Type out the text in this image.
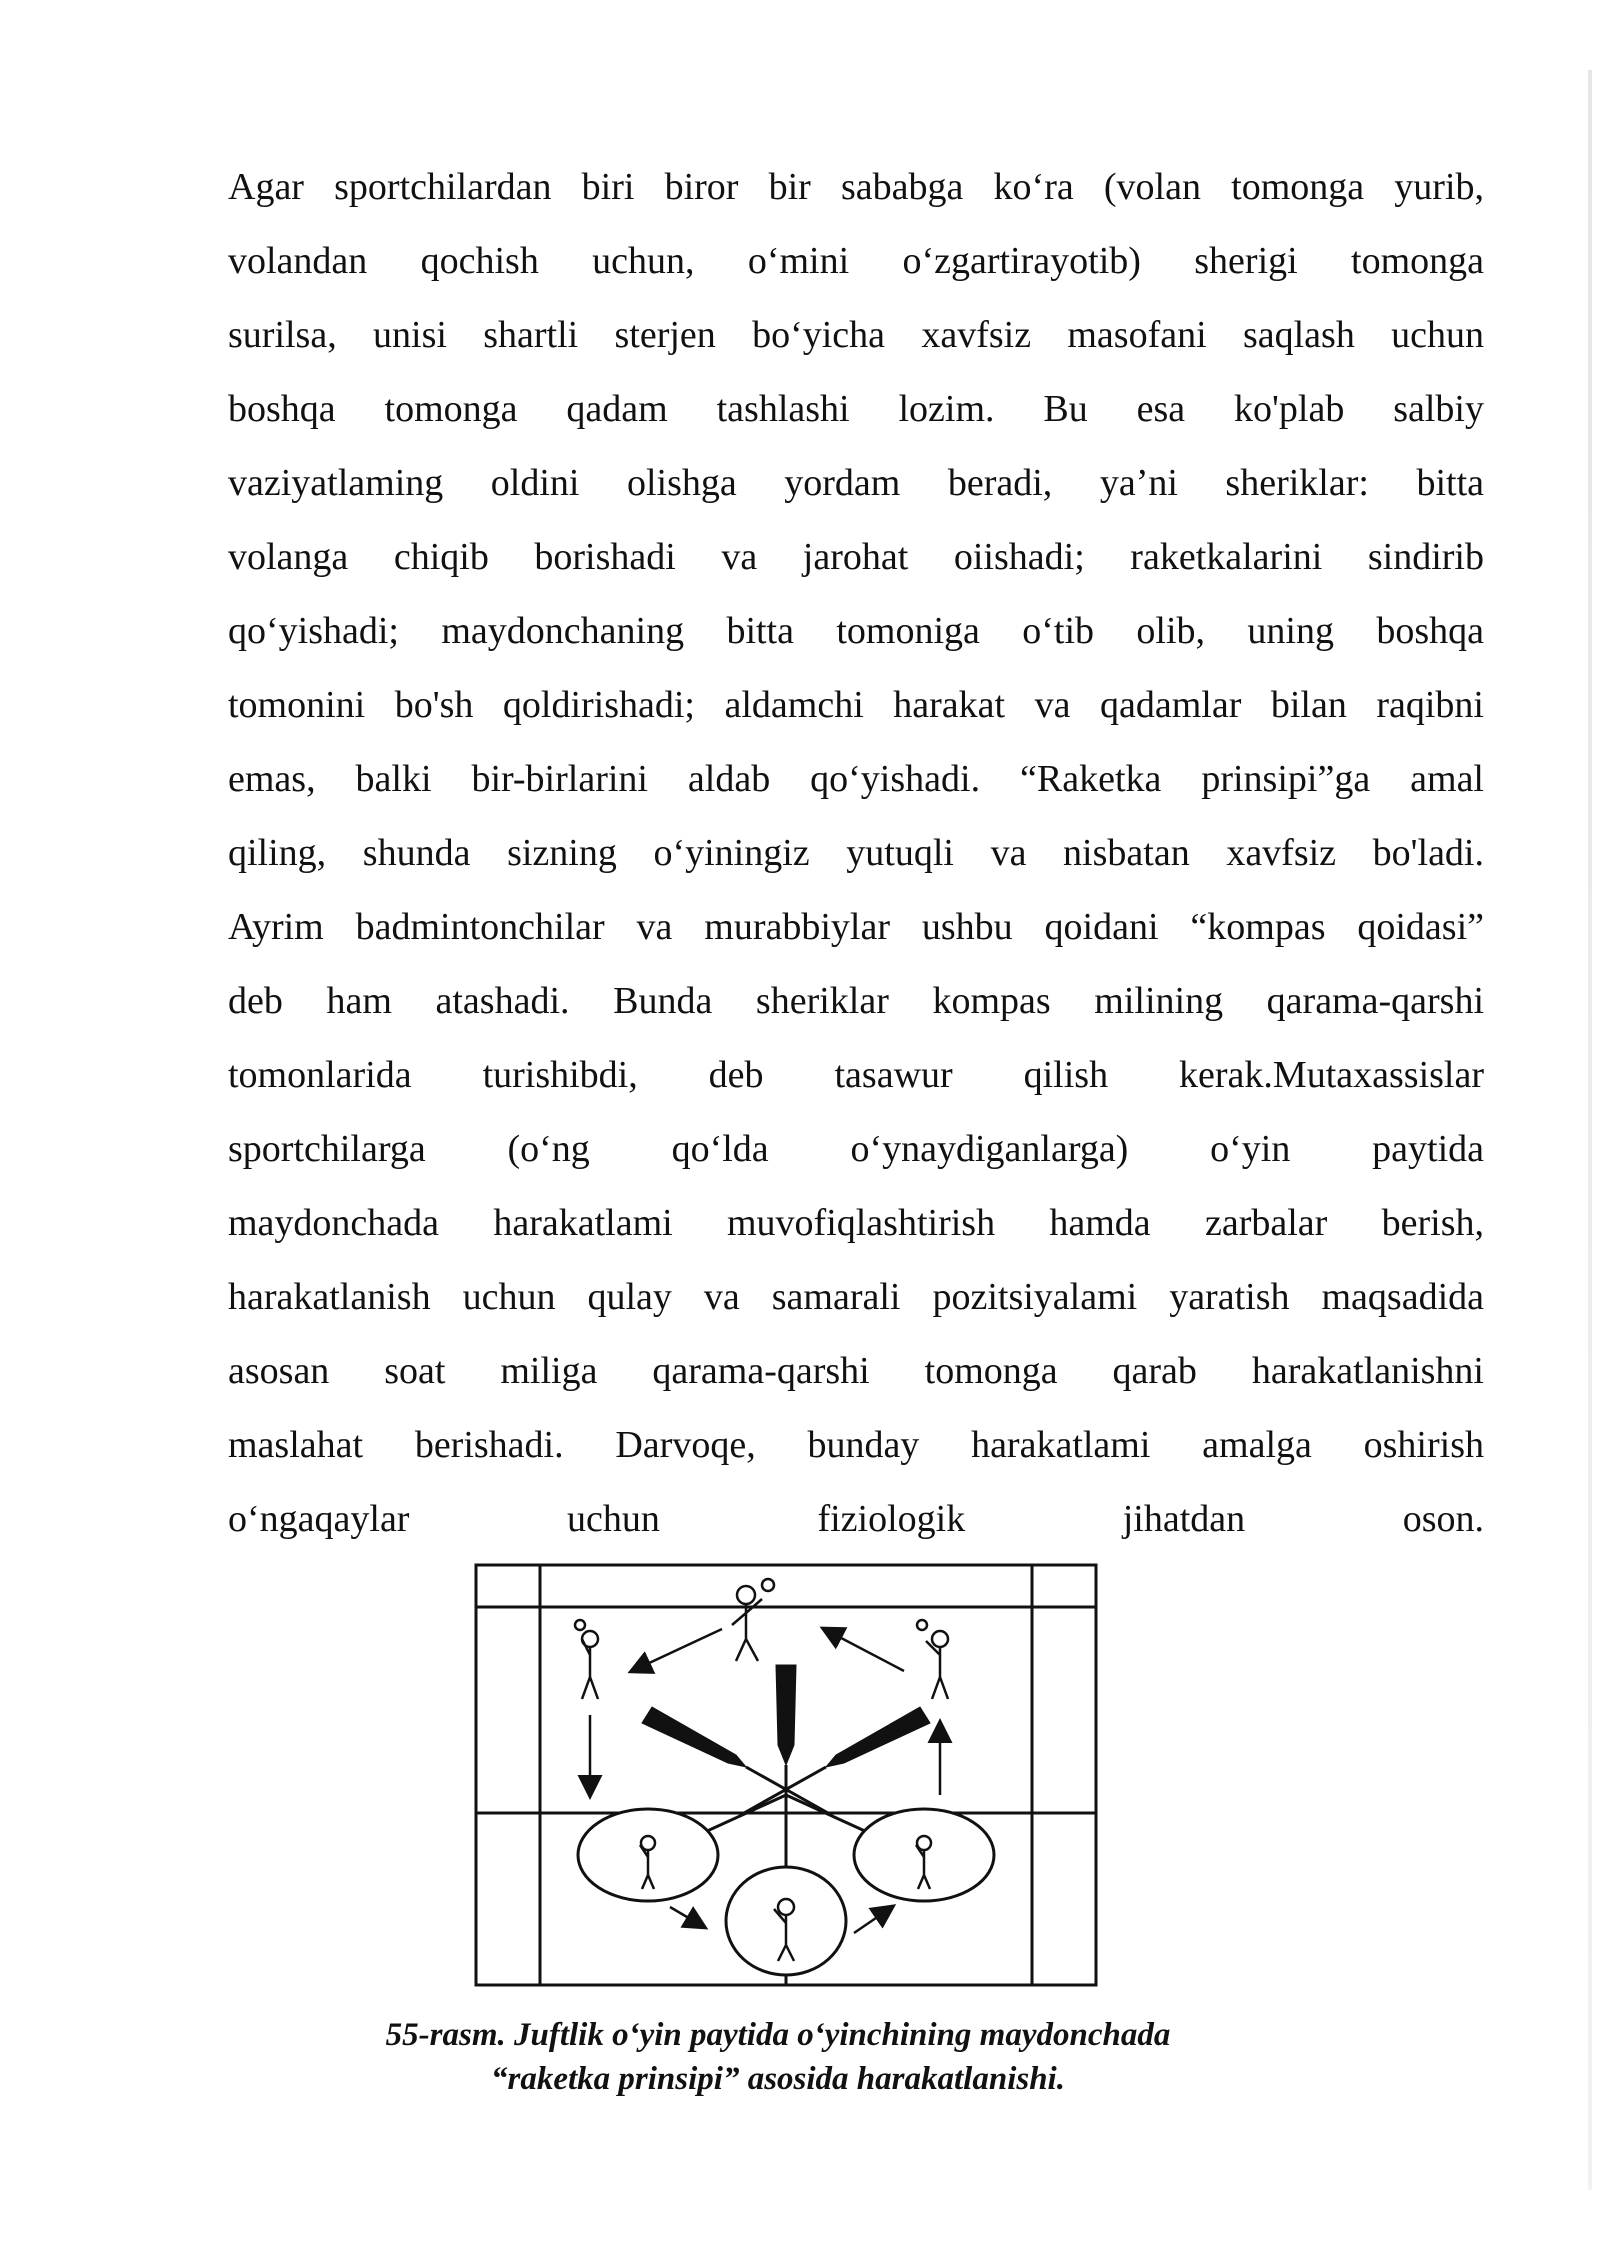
Agar sportchilardan biri biror bir sababga ko‘ra (volan tomonga yurib,

volandan qochish uchun, o‘mini o‘zgartirayotib) sherigi tomonga

surilsa, unisi shartli sterjen bo‘yicha xavfsiz masofani saqlash uchun

boshqa tomonga qadam tashlashi lozim. Bu esa ko'plab salbiy

vaziyatlaming oldini olishga yordam beradi, ya’ni sheriklar: bitta

volanga chiqib borishadi va jarohat oiishadi; raketkalarini sindirib

qo‘yishadi; maydonchaning bitta tomoniga o‘tib olib, uning boshqa

tomonini bo'sh qoldirishadi; aldamchi harakat va qadamlar bilan raqibni

emas, balki bir-birlarini aldab qo‘yishadi. “Raketka prinsipi”ga amal

qiling, shunda sizning o‘yiningiz yutuqli va nisbatan xavfsiz bo'ladi.

Ayrim badmintonchilar va murabbiylar ushbu qoidani “kompas qoidasi”

deb ham atashadi. Bunda sheriklar kompas milining qarama-qarshi

tomonlarida turishibdi, deb tasawur qilish kerak.Mutaxassislar

sportchilarga (o‘ng qo‘lda o‘ynaydiganlarga) o‘yin paytida

maydonchada harakatlami muvofiqlashtirish hamda zarbalar berish,

harakatlanish uchun qulay va samarali pozitsiyalami yaratish maqsadida

asosan soat miliga qarama-qarshi tomonga qarab harakatlanishni

maslahat berishadi. Darvoqe, bunday harakatlami amalga oshirish

o‘ngaqaylar uchun fiziologik jihatdan oson.

55-rasm. Juftlik o‘yin paytida o‘yinchining maydonchada
“raketka prinsipi” asosida harakatlanishi.
